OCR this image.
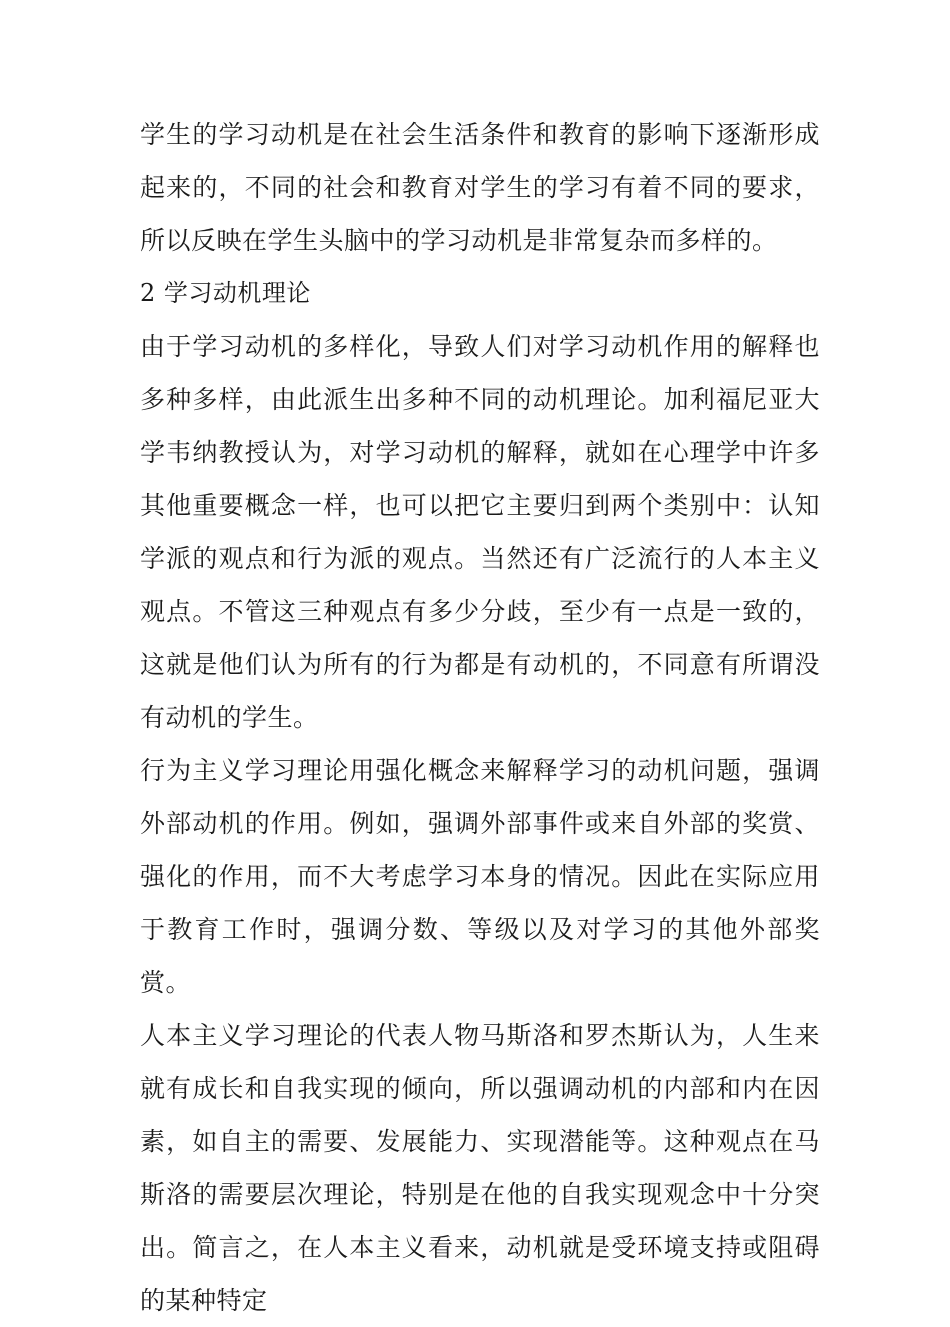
学生的学习动机是在社会生活条件和教育的影响下逐渐形成起来的，不同的社会和教育对学生的学习有着不同的要求，所以反映在学生头脑中的学习动机是非常复杂而多样的。

2 学习动机理论

由于学习动机的多样化，导致人们对学习动机作用的解释也多种多样，由此派生出多种不同的动机理论。加利福尼亚大学韦纳教授认为，对学习动机的解释，就如在心理学中许多其他重要概念一样，也可以把它主要归到两个类别中：认知学派的观点和行为派的观点。当然还有广泛流行的人本主义观点。不管这三种观点有多少分歧，至少有一点是一致的，这就是他们认为所有的行为都是有动机的，不同意有所谓没有动机的学生。

行为主义学习理论用强化概念来解释学习的动机问题，强调外部动机的作用。例如，强调外部事件或来自外部的奖赏、强化的作用，而不大考虑学习本身的情况。因此在实际应用于教育工作时，强调分数、等级以及对学习的其他外部奖赏。

人本主义学习理论的代表人物马斯洛和罗杰斯认为，人生来就有成长和自我实现的倾向，所以强调动机的内部和内在因素，如自主的需要、发展能力、实现潜能等。这种观点在马斯洛的需要层次理论，特别是在他的自我实现观念中十分突出。简言之，在人本主义看来，动机就是受环境支持或阻碍的某种特定
